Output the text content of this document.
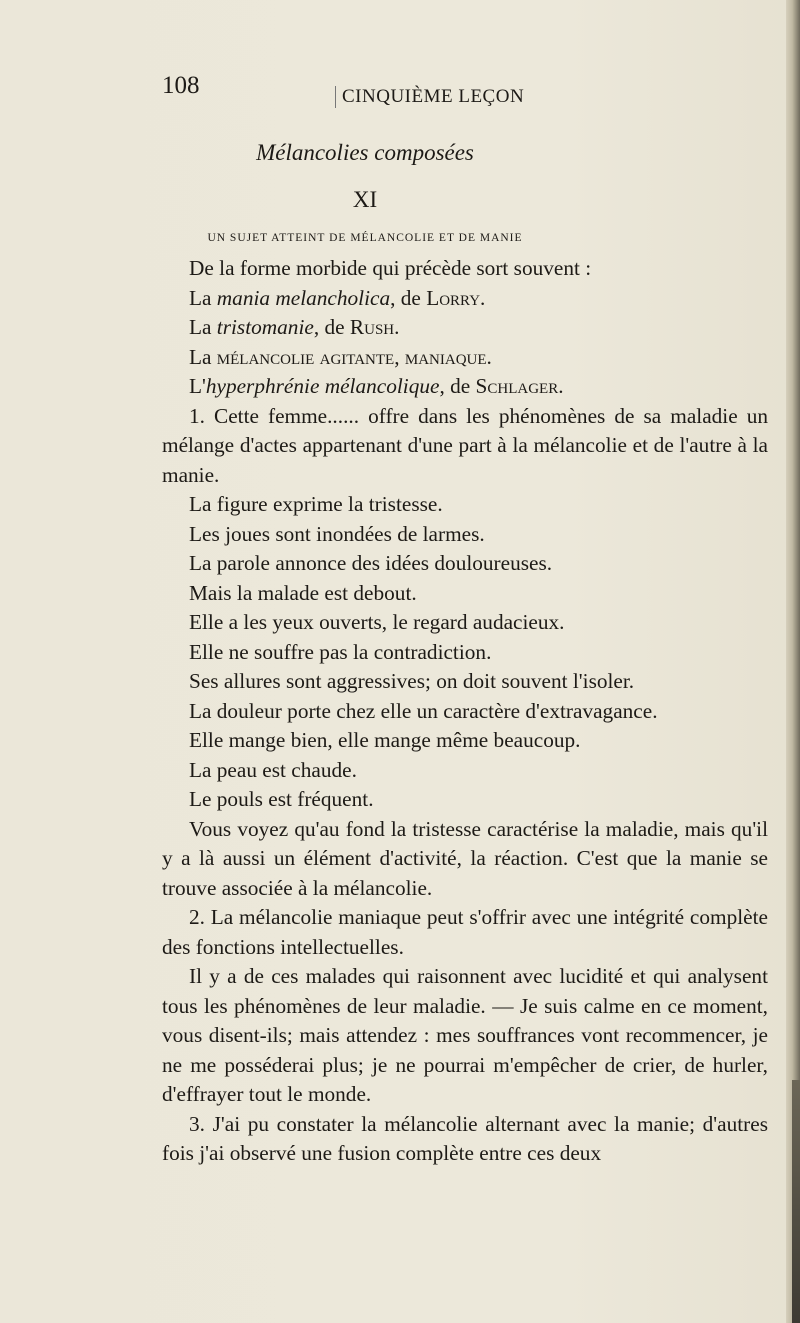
108	CINQUIÈME LEÇON
Mélancolies composées
XI
UN SUJET ATTEINT DE MÉLANCOLIE ET DE MANIE

De la forme morbide qui précède sort souvent :

La mania melancholica, de Lorry.

La tristomanie, de Rush.

La mélancolie agitante, maniaque.

L'hyperphrénie mélancolique, de Schlager.

1. Cette femme...... offre dans les phénomènes de sa maladie un mélange d'actes appartenant d'une part à la mélancolie et de l'autre à la manie.

La figure exprime la tristesse.

Les joues sont inondées de larmes.

La parole annonce des idées douloureuses.

Mais la malade est debout.

Elle a les yeux ouverts, le regard audacieux.

Elle ne souffre pas la contradiction.

Ses allures sont aggressives; on doit souvent l'isoler.

La douleur porte chez elle un caractère d'extravagance.

Elle mange bien, elle mange même beaucoup.

La peau est chaude.

Le pouls est fréquent.

Vous voyez qu'au fond la tristesse caractérise la maladie, mais qu'il y a là aussi un élément d'activité, la réaction. C'est que la manie se trouve associée à la mélancolie.

2. La mélancolie maniaque peut s'offrir avec une intégrité complète des fonctions intellectuelles.

Il y a de ces malades qui raisonnent avec lucidité et qui analysent tous les phénomènes de leur maladie. — Je suis calme en ce moment, vous disent-ils; mais attendez : mes souffrances vont recommencer, je ne me posséderai plus; je ne pourrai m'empêcher de crier, de hurler, d'effrayer tout le monde.

3. J'ai pu constater la mélancolie alternant avec la manie; d'autres fois j'ai observé une fusion complète entre ces deux
